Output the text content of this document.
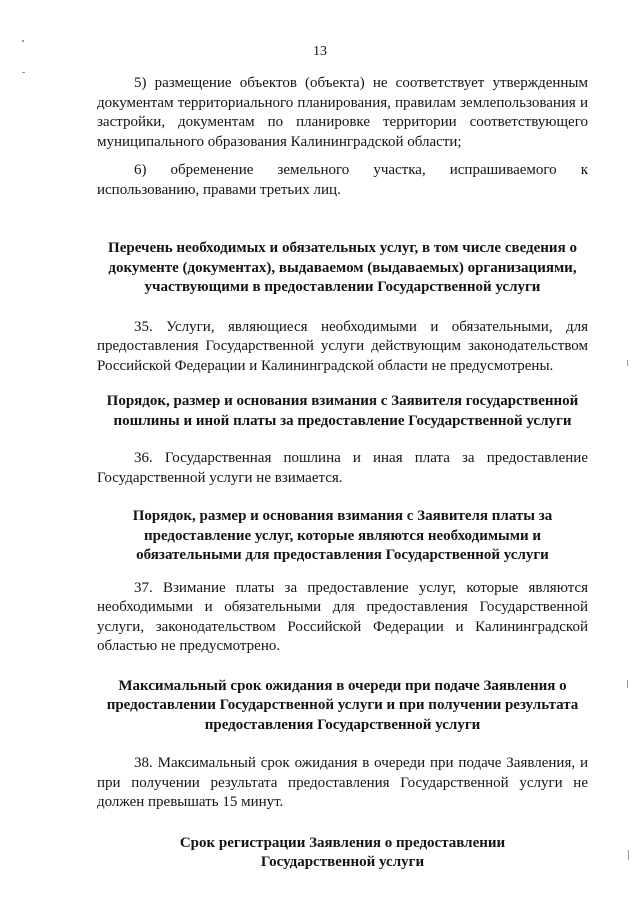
13

5) размещение объектов (объекта) не соответствует утвержденным документам территориального планирования, правилам землепользования и застройки, документам по планировке территории соответствующего муниципального образования Калининградской области;

6) обременение земельного участка, испрашиваемого к использованию, правами третьих лиц.

Перечень необходимых и обязательных услуг, в том числе сведения о документе (документах), выдаваемом (выдаваемых) организациями, участвующими в предоставлении Государственной услуги

35. Услуги, являющиеся необходимыми и обязательными, для предоставления Государственной услуги действующим законодательством Российской Федерации и Калининградской области не предусмотрены.

Порядок, размер и основания взимания с Заявителя государственной пошлины и иной платы за предоставление Государственной услуги

36. Государственная пошлина и иная плата за предоставление Государственной услуги не взимается.

Порядок, размер и основания взимания с Заявителя платы за предоставление услуг, которые являются необходимыми и обязательными для предоставления Государственной услуги

37. Взимание платы за предоставление услуг, которые являются необходимыми и обязательными для предоставления Государственной услуги, законодательством Российской Федерации и Калининградской областью не предусмотрено.

Максимальный срок ожидания в очереди при подаче Заявления о предоставлении Государственной услуги и при получении результата предоставления Государственной услуги

38. Максимальный срок ожидания в очереди при подаче Заявления, и при получении результата предоставления Государственной услуги не должен превышать 15 минут.

Срок регистрации Заявления о предоставлении Государственной услуги
